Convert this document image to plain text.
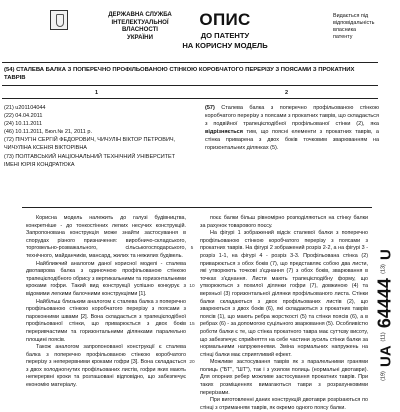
ДЕРЖАВНА СЛУЖБА
ІНТЕЛЕКТУАЛЬНОЇ
ВЛАСНОСТІ
УКРАЇНИ
ОПИС
ДО ПАТЕНТУ
НА КОРИСНУ МОДЕЛЬ
Видається під
відповідальність
власника
патенту
(54) СТАЛЕВА БАЛКА З ПОПЕРЕЧНО ПРОФІЛЬОВАНОЮ СТІНКОЮ КОРОБЧАТОГО ПЕРЕРІЗУ З ПОЯСАМИ З ПРОКАТНИХ ТАВРІВ
1	2
(21) u201104044
(22) 04.04.2011
(24) 10.11.2011
(46) 10.11.2011, Бюл.№ 21, 2011 р.
(72) ПІЧУГІН СЕРГІЙ ФЕДОРОВИЧ, ЧИЧУЛІН ВІКТОР ПЕТРОВИЧ, ЧИЧУЛІНА КСЕНІЯ ВІКТОРІВНА
(73) ПОЛТАВСЬКИЙ НАЦІОНАЛЬНИЙ ТЕХНІЧНИЙ УНІВЕРСИТЕТ ІМЕНІ ЮРІЯ КОНДРАТЮКА
(57) Сталева балка з поперечно профільованою стінкою коробчатого перерізу з поясами з прокатних таврів, що складається з подвійної трапецієподібної профільованої стінки (2), яка відрізняється тим, що поясні елементи з прокатних таврів, а стінка приварена з двох боків точковим зварюванням на горизонтальних ділянках (5).

Корисна модель належить до галузі будівництва, конкретніше - до тонкостінних легких несучих конструкцій. Запропонована конструкція може знайти застосування в спорудах різного призначення: виробничо-складського, торговельно-розважального, сільськогосподарського, технічного, майданчиків, мансард, жилих та нежилих будівель.

Найближчий аналогом даної корисної моделі - сталева двотаврова балка з одиночною профільованою стінкою трапецієподібного обрису з вертикальними та горизонтальними кроками гофри. Такий вид конструкції успішно конкурує з відомими легкими балочними конструкціями [1].

Найбільш близьким аналогом є сталева балка з поперечно профільованою стінкою коробчатого перерізу з поясами з пароконними швами [2]. Вона складається з трапецієподібної профільованої стінки, що приварюється з двох боків переривчастими та горизонтальними ділянками паралельно площині поясів.

Також аналогом запропонованої конструкції є сталева балка з поперечно профільованою стінкою коробчатого перерізу з неперервними кроками гофри [3]. Вона складається з двох холодногнутих профільованих листів, гофри яких мають неперервні кроки та розташовані відповідно, що забезпечує економію матеріалу.

5
10
15
20

поєє балки більш рівномірно розподіляються на стінку балки за рахунок товарового поєсу.

На фігурі 1 зображений відсік сталевої балки з поперечно профільованою стінкою коробчатого перерізу з поясами з прокатних таврів. На фігурі 2 зображений розріз 2-2, а на фігурі 3 - розріз 1-1, на фігурі 4 - розріз 3-3. Профільована стінка (2) приварюється з обох боків (7), що представляє собою два листи, які утворюють точкові з'єднання (7) з обох боків, зварювання в точках з'єднання. Листи мають трапецієподібну форму, що утворюються з похилої ділянки гофри (7), довжиною (4) та верхньої (3) горизонтальної ділянки профільованого листа. Стінки балки складаються з двох профільованих листів (2), що зварюються з двох боків (6), які складаються з прокатних таврів поясів (1), що мають ребра жорсткості (5) та стінки поясів (6), а в ребрах (6) - за допомогою суцільного зварювання (5). Особливістю роботи балки є те, що стінка прокатного тавра має суттєву висоту, що забезпечує сприйняття на себе частини зусиль стінки балки за нормальними напруженнями. Зміна нормальних напружень на стінці балки має сприятливий ефект.

Можливе застосування таврів як з паралельними гранями полиць ("БТ", "ШТ"), так і з ухилом полиць (нормальні двотаври). Для опорних ребер можливе застосування прокатних таврів. При таких розміщеннях вимагаються таври з розрахунковими перерізами.

При виготовленні даних конструкцій двотаври розрізаються по стінці з отриманням таврів, як окремо одного поясу балки.

$^{(19)}$ UA $^{(11)}$ 64444 $^{(13)}$ U
